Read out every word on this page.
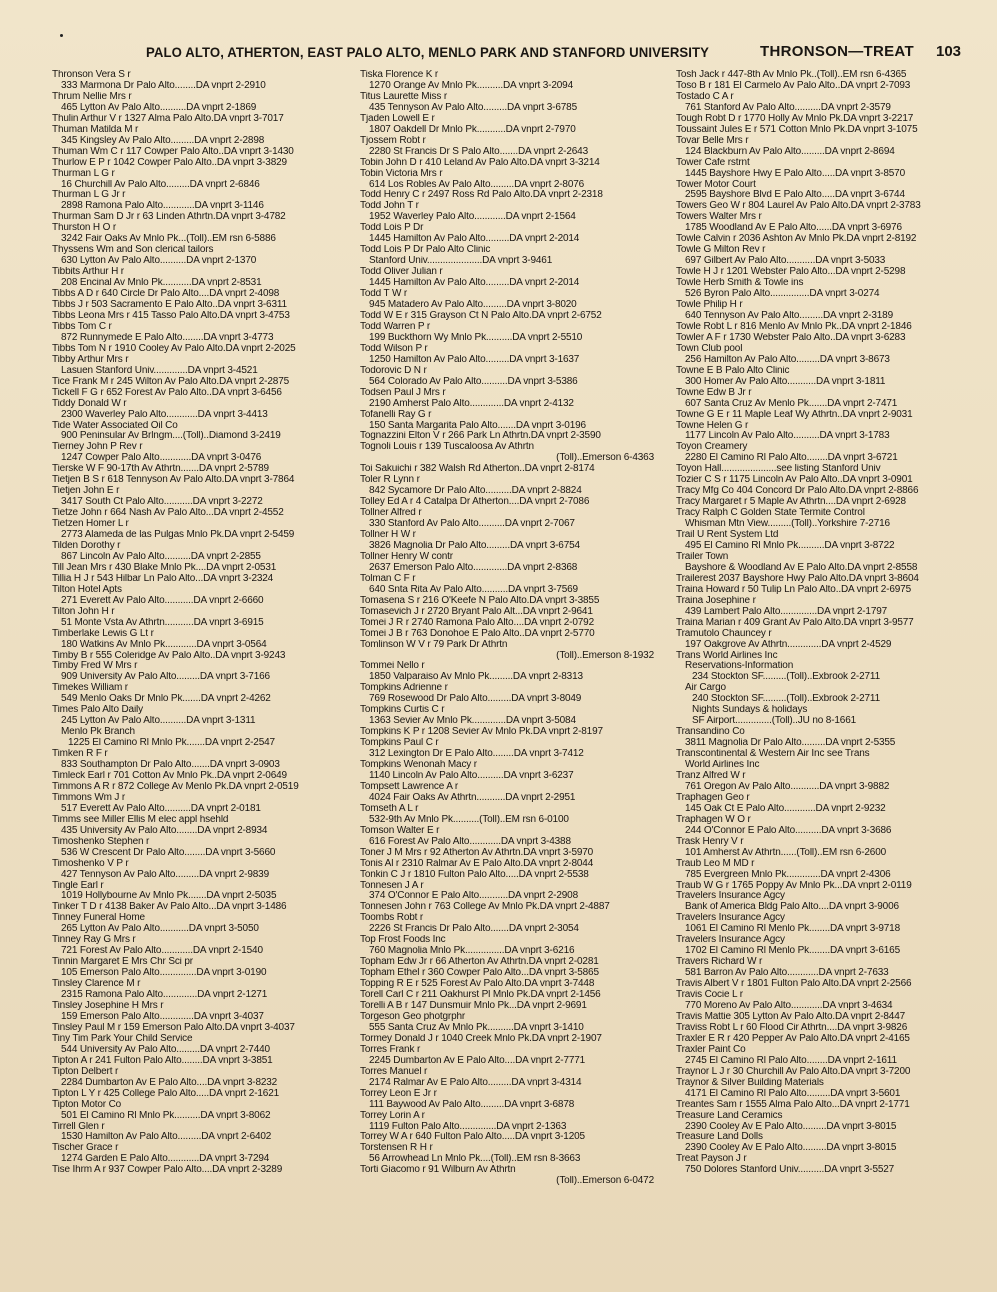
PALO ALTO, ATHERTON, EAST PALO ALTO, MENLO PARK AND STANFORD UNIVERSITY	THRONSON—TREAT 103
Thronson Vera S r
333 Marmona Dr Palo Alto........DA vnprt 2-2910
Thrum Nellie Mrs r
465 Lytton Av Palo Alto..........DA vnprt 2-1869
Thulin Arthur V r 1327 Alma Palo Alto.DA vnprt 3-7017
Thuman Matilda M r
345 Kingsley Av Palo Alto.........DA vnprt 2-2898
Thuman Wm C r 117 Cowper Palo Alto..DA vnprt 3-1430
Thurlow E P r 1042 Cowper Palo Alto..DA vnprt 3-3829
Thurman L G r
16 Churchill Av Palo Alto.........DA vnprt 2-6846
Thurman L G Jr r
2898 Ramona Palo Alto............DA vnprt 3-1146
Thurman Sam D Jr r 63 Linden Athrtn.DA vnprt 3-4782
Thurston H O r
3242 Fair Oaks Av Mnlo Pk...(Toll)..EM rsn 6-5886
Thyssens Wm and Son clerical tailors
630 Lytton Av Palo Alto..........DA vnprt 2-1370
Tibbits Arthur H r
208 Encinal Av Mnlo Pk...........DA vnprt 2-8531
Tibbs A D r 640 Circle Dr Palo Alto....DA vnprt 2-4098
Tibbs J r 503 Sacramento E Palo Alto..DA vnprt 3-6311
Tibbs Leona Mrs r 415 Tasso Palo Alto.DA vnprt 3-4753
Tibbs Tom C r
872 Runnymede E Palo Alto........DA vnprt 3-4773
Tibbs Tom N r 1910 Cooley Av Palo Alto.DA vnprt 2-2025
Tibby Arthur Mrs r
Lasuen Stanford Univ.............DA vnprt 3-4521
Tice Frank M r 245 Wilton Av Palo Alto.DA vnprt 2-2875
Tickell F G r 652 Forest Av Palo Alto..DA vnprt 3-6456
Tiddy Donald W r
2300 Waverley Palo Alto............DA vnprt 3-4413
Tide Water Associated Oil Co
900 Peninsular Av Brlngm....(Toll)..Diamond 3-2419
Tierney John P Rev r
1247 Cowper Palo Alto............DA vnprt 3-0476
Tierske W F 90-17th Av Athrtn.......DA vnprt 2-5789
Tietjen B S r 618 Tennyson Av Palo Alto.DA vnprt 3-7864
Tietjen John E r
3417 South Ct Palo Alto...........DA vnprt 3-2272
Tietze John r 664 Nash Av Palo Alto...DA vnprt 2-4552
Tietzen Homer L r
2773 Alameda de las Pulgas Mnlo Pk.DA vnprt 2-5459
Tilden Dorothy r
867 Lincoln Av Palo Alto..........DA vnprt 2-2855
Till Jean Mrs r 430 Blake Mnlo Pk....DA vnprt 2-0531
Tillia H J r 543 Hilbar Ln Palo Alto...DA vnprt 3-2324
Tilton Hotel Apts
271 Everett Av Palo Alto...........DA vnprt 2-6660
Tilton John H r
51 Monte Vsta Av Athrtn...........DA vnprt 3-6915
Timberlake Lewis G Lt r
180 Watkins Av Mnlo Pk............DA vnprt 3-0564
Timby B r 555 Coleridge Av Palo Alto..DA vnprt 3-9243
Timby Fred W Mrs r
909 University Av Palo Alto.........DA vnprt 3-7166
Timekes William r
549 Menlo Oaks Dr Mnlo Pk.......DA vnprt 2-4262
Times Palo Alto Daily
245 Lytton Av Palo Alto..........DA vnprt 3-1311
Menlo Pk Branch
1225 El Camino Rl Mnlo Pk.......DA vnprt 2-2547
Timken R F r
833 Southampton Dr Palo Alto.......DA vnprt 3-0903
Timleck Earl r 701 Cotton Av Mnlo Pk..DA vnprt 2-0649
Timmons A R r 872 College Av Menlo Pk.DA vnprt 2-0519
Timmons Wm J r
517 Everett Av Palo Alto..........DA vnprt 2-0181
Timms see Miller Ellis M elec appl hsehld
435 University Av Palo Alto........DA vnprt 2-8934
Timoshenko Stephen r
536 W Crescent Dr Palo Alto........DA vnprt 3-5660
Timoshenko V P r
427 Tennyson Av Palo Alto.........DA vnprt 2-9839
Tingle Earl r
1019 Hollybourne Av Mnlo Pk.......DA vnprt 2-5035
Tinker T D r 4138 Baker Av Palo Alto...DA vnprt 3-1486
Tinney Funeral Home
265 Lytton Av Palo Alto...........DA vnprt 3-5050
Tinney Ray G Mrs r
721 Forest Av Palo Alto............DA vnprt 2-1540
Tinnin Margaret E Mrs Chr Sci pr
105 Emerson Palo Alto..............DA vnprt 3-0190
Tinsley Clarence M r
2315 Ramona Palo Alto.............DA vnprt 2-1271
Tinsley Josephine H Mrs r
159 Emerson Palo Alto.............DA vnprt 3-4037
Tinsley Paul M r 159 Emerson Palo Alto.DA vnprt 3-4037
Tiny Tim Park Your Child Service
544 University Av Palo Alto.........DA vnprt 2-7440
Tipton A r 241 Fulton Palo Alto........DA vnprt 3-3851
Tipton Delbert r
2284 Dumbarton Av E Palo Alto....DA vnprt 3-8232
Tipton L Y r 425 College Palo Alto.....DA vnprt 2-1621
Tipton Motor Co
501 El Camino Rl Mnlo Pk..........DA vnprt 3-8062
Tirrell Glen r
1530 Hamilton Av Palo Alto.........DA vnprt 2-6402
Tischer Grace r
1274 Garden E Palo Alto............DA vnprt 3-7294
Tise Ihrm A r 937 Cowper Palo Alto....DA vnprt 2-3289
Tiska Florence K r
1270 Orange Av Mnlo Pk..........DA vnprt 3-2094
Titus Laurette Miss r
435 Tennyson Av Palo Alto.........DA vnprt 3-6785
Tjaden Lowell E r
1807 Oakdell Dr Mnlo Pk...........DA vnprt 2-7970
Tjossem Robt r
2280 St Francis Dr S Palo Alto.......DA vnprt 2-2643
Tobin John D r 410 Leland Av Palo Alto.DA vnprt 3-3214
Tobin Victoria Mrs r
614 Los Robles Av Palo Alto.........DA vnprt 2-8076
Todd Henry C r 2497 Ross Rd Palo Alto.DA vnprt 2-2318
Todd John T r
1952 Waverley Palo Alto............DA vnprt 2-1564
Todd Lois P Dr
1445 Hamilton Av Palo Alto.........DA vnprt 2-2014
Todd Lois P Dr Palo Alto Clinic
Stanford Univ.....................DA vnprt 3-9461
Todd Oliver Julian r
1445 Hamilton Av Palo Alto.........DA vnprt 2-2014
Todd T W r
945 Matadero Av Palo Alto.........DA vnprt 3-8020
Todd W E r 315 Grayson Ct N Palo Alto.DA vnprt 2-6752
Todd Warren P r
199 Buckthorn Wy Mnlo Pk..........DA vnprt 2-5510
Todd Wilson P r
1250 Hamilton Av Palo Alto.........DA vnprt 3-1637
Todorovic D N r
564 Colorado Av Palo Alto..........DA vnprt 3-5386
Todsen Paul J Mrs r
2190 Amherst Palo Alto.............DA vnprt 2-4132
Tofanelli Ray G r
150 Santa Margarita Palo Alto.......DA vnprt 3-0196
Tognazzini Elton V r 266 Park Ln Athrtn.DA vnprt 2-3590
Tognoli Louis r 139 Tuscaloosa Av Athrtn
(Toll)..Emerson 6-4363
Toi Sakuichi r 382 Walsh Rd Atherton..DA vnprt 2-8174
Toler R Lynn r
842 Sycamore Dr Palo Alto..........DA vnprt 2-8824
Tolley Ed A r 4 Catalpa Dr Atherton....DA vnprt 2-7086
Tollner Alfred r
330 Stanford Av Palo Alto..........DA vnprt 2-7067
Tollner H W r
3826 Magnolia Dr Palo Alto.........DA vnprt 3-6754
Tollner Henry W contr
2637 Emerson Palo Alto.............DA vnprt 2-8368
Tolman C F r
640 Snta Rita Av Palo Alto..........DA vnprt 3-7569
Tomasena S r 216 O'Keefe N Palo Alto.DA vnprt 3-3855
Tomasevich J r 2720 Bryant Palo Alt...DA vnprt 2-9641
Tomei J R r 2740 Ramona Palo Alto....DA vnprt 2-0792
Tomei J B r 763 Donohoe E Palo Alto..DA vnprt 2-5770
Tomlinson W V r 79 Park Dr Athrtn
(Toll)..Emerson 8-1932
Tommei Nello r
1850 Valparaiso Av Mnlo Pk.........DA vnprt 2-8313
Tompkins Adrienne r
769 Rosewood Dr Palo Alto.........DA vnprt 3-8049
Tompkins Curtis C r
1363 Sevier Av Mnlo Pk.............DA vnprt 3-5084
Tompkins K P r 1208 Sevier Av Mnlo Pk.DA vnprt 2-8197
Tompkins Paul C r
312 Lexington Dr E Palo Alto........DA vnprt 3-7412
Tompkins Wenonah Macy r
1140 Lincoln Av Palo Alto..........DA vnprt 3-6237
Tompsett Lawrence A r
4024 Fair Oaks Av Athrtn...........DA vnprt 2-2951
Tomseth A L r
532-9th Av Mnlo Pk..........(Toll)..EM rsn 6-0100
Tomson Walter E r
616 Forest Av Palo Alto............DA vnprt 3-4388
Toner J M Mrs r 92 Atherton Av Athrtn.DA vnprt 3-5970
Tonis Al r 2310 Ralmar Av E Palo Alto.DA vnprt 2-8044
Tonkin C J r 1810 Fulton Palo Alto.....DA vnprt 2-5538
Tonnesen J A r
374 O'Connor E Palo Alto...........DA vnprt 2-2908
Tonnesen John r 763 College Av Mnlo Pk.DA vnprt 2-4887
Toombs Robt r
2226 St Francis Dr Palo Alto.......DA vnprt 2-3054
Top Frost Foods Inc
760 Magnolia Mnlo Pk...............DA vnprt 3-6216
Topham Edw Jr r 66 Atherton Av Athrtn.DA vnprt 2-0281
Topham Ethel r 360 Cowper Palo Alto...DA vnprt 3-5865
Topping R E r 525 Forest Av Palo Alto.DA vnprt 3-7448
Torell Carl C r 211 Oakhurst Pl Mnlo Pk.DA vnprt 2-1456
Torelli A B r 147 Dunsmuir Mnlo Pk...DA vnprt 2-9691
Torgeson Geo photgrphr
555 Santa Cruz Av Mnlo Pk..........DA vnprt 3-1410
Tormey Donald J r 1040 Creek Mnlo Pk.DA vnprt 2-1907
Torres Frank r
2245 Dumbarton Av E Palo Alto....DA vnprt 2-7771
Torres Manuel r
2174 Ralmar Av E Palo Alto.........DA vnprt 3-4314
Torrey Leon E Jr r
111 Baywood Av Palo Alto.........DA vnprt 3-6878
Torrey Lorin A r
1119 Fulton Palo Alto..............DA vnprt 2-1363
Torrey W A r 640 Fulton Palo Alto.....DA vnprt 3-1205
Torstensen R H r
56 Arrowhead Ln Mnlo Pk....(Toll)..EM rsn 8-3663
Torti Giacomo r 91 Wilburn Av Athrtn
(Toll)..Emerson 6-0472
Tosh Jack r 447-8th Av Mnlo Pk..(Toll)..EM rsn 6-4365
Toso B r 181 El Carmelo Av Palo Alto..DA vnprt 2-7093
Tostado C A r
761 Stanford Av Palo Alto..........DA vnprt 2-3579
Tough Robt D r 1770 Holly Av Mnlo Pk.DA vnprt 3-2217
Toussaint Jules E r 571 Cotton Mnlo Pk.DA vnprt 3-1075
Tovar Belle Mrs r
124 Blackburn Av Palo Alto.........DA vnprt 2-8694
Tower Cafe rstrnt
1445 Bayshore Hwy E Palo Alto.....DA vnprt 3-8570
Tower Motor Court
2595 Bayshore Blvd E Palo Alto.....DA vnprt 3-6744
Towers Geo W r 804 Laurel Av Palo Alto.DA vnprt 2-3783
Towers Walter Mrs r
1785 Woodland Av E Palo Alto......DA vnprt 3-6976
Towle Calvin r 2036 Ashton Av Mnlo Pk.DA vnprt 2-8192
Towle G Milton Rev r
697 Gilbert Av Palo Alto...........DA vnprt 3-5033
Towle H J r 1201 Webster Palo Alto...DA vnprt 2-5298
Towle Herb Smith & Towle ins
526 Byron Palo Alto...............DA vnprt 3-0274
Towle Philip H r
640 Tennyson Av Palo Alto.........DA vnprt 2-3189
Towle Robt L r 816 Menlo Av Mnlo Pk..DA vnprt 2-1846
Towler A F r 1730 Webster Palo Alto..DA vnprt 3-6283
Town Club pool
256 Hamilton Av Palo Alto.........DA vnprt 3-8673
Towne E B Palo Alto Clinic
300 Homer Av Palo Alto...........DA vnprt 3-1811
Towne Edw B Jr r
607 Santa Cruz Av Menlo Pk.......DA vnprt 2-7471
Towne G E r 11 Maple Leaf Wy Athrtn..DA vnprt 2-9031
Towne Helen G r
1177 Lincoln Av Palo Alto..........DA vnprt 3-1783
Toyon Creamery
2280 El Camino Rl Palo Alto........DA vnprt 3-6721
Toyon Hall.....................see listing Stanford Univ
Tozier C S r 1175 Lincoln Av Palo Alto..DA vnprt 3-0901
Tracy Mfg Co 404 Concord Dr Palo Alto.DA vnprt 2-8866
Tracy Margaret r 5 Maple Av Athrtn....DA vnprt 2-6928
Tracy Ralph C Golden State Termite Control
Whisman Mtn View.........(Toll)..Yorkshire 7-2716
Trail U Rent System Ltd
495 El Camino Rl Mnlo Pk..........DA vnprt 3-8722
Trailer Town
Bayshore & Woodland Av E Palo Alto.DA vnprt 2-8558
Trailerest 2037 Bayshore Hwy Palo Alto.DA vnprt 3-8604
Traina Howard r 50 Tulip Ln Palo Alto..DA vnprt 2-6975
Traina Josephine r
439 Lambert Palo Alto..............DA vnprt 2-1797
Traina Marian r 409 Grant Av Palo Alto.DA vnprt 3-9577
Tramutolo Chauncey r
197 Oakgrove Av Athrtn.............DA vnprt 2-4529
Trans World Airlines Inc
Reservations-Information
234 Stockton SF.........(Toll)..Exbrook 2-2711
Air Cargo
240 Stockton SF.........(Toll)..Exbrook 2-2711
Nights Sundays & holidays
SF Airport..............(Toll)..JU no 8-1661
Transandino Co
3811 Magnolia Dr Palo Alto.........DA vnprt 2-5355
Transcontinental & Western Air Inc see Trans
World Airlines Inc
Tranz Alfred W r
761 Oregon Av Palo Alto...........DA vnprt 3-9882
Traphagen Geo r
145 Oak Ct E Palo Alto............DA vnprt 2-9232
Traphagen W O r
244 O'Connor E Palo Alto..........DA vnprt 3-3686
Trask Henry V r
101 Amherst Av Athrtn......(Toll)..EM rsn 6-2600
Traub Leo M MD r
785 Evergreen Mnlo Pk.............DA vnprt 2-4306
Traub W G r 1765 Poppy Av Mnlo Pk...DA vnprt 2-0119
Travelers Insurance Agcy
Bank of America Bldg Palo Alto....DA vnprt 3-9006
Travelers Insurance Agcy
1061 El Camino Rl Menlo Pk........DA vnprt 3-9718
Travelers Insurance Agcy
1702 El Camino Rl Menlo Pk........DA vnprt 3-6165
Travers Richard W r
581 Barron Av Palo Alto............DA vnprt 2-7633
Travis Albert V r 1801 Fulton Palo Alto.DA vnprt 2-2566
Travis Cocie L r
770 Moreno Av Palo Alto............DA vnprt 3-4634
Travis Mattie 305 Lytton Av Palo Alto.DA vnprt 2-8447
Traviss Robt L r 60 Flood Cir Athrtn....DA vnprt 3-9826
Traxler E R r 420 Pepper Av Palo Alto.DA vnprt 2-4165
Traxler Paint Co
2745 El Camino Rl Palo Alto........DA vnprt 2-1611
Traynor L J r 30 Churchill Av Palo Alto.DA vnprt 3-7200
Traynor & Silver Building Materials
4171 El Camino Rl Palo Alto.........DA vnprt 3-5601
Treantes Sam r 1555 Alma Palo Alto...DA vnprt 2-1771
Treasure Land Ceramics
2390 Cooley Av E Palo Alto.........DA vnprt 3-8015
Treasure Land Dolls
2390 Cooley Av E Palo Alto.........DA vnprt 3-8015
Treat Payson J r
750 Dolores Stanford Univ..........DA vnprt 3-5527
